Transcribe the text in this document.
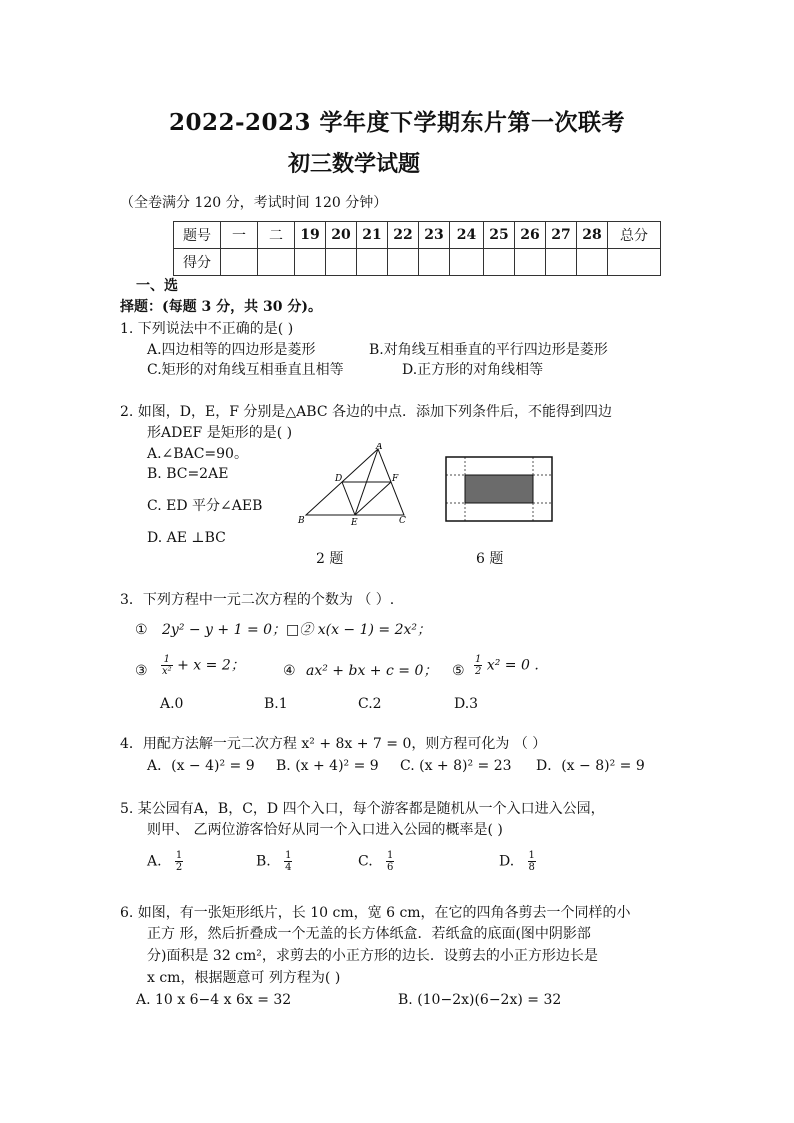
2022-2023 学年度下学期东片第一次联考
初三数学试题
（全卷满分 120 分，考试时间 120 分钟）
题号	一	二	19	20	21	22	23	24	25	26	27	28	总分
得分													
一、选
择题：(每题 3 分，共 30 分)。
1. 下列说法中不正确的是( )
A.四边相等的四边形是菱形	B.对角线互相垂直的平行四边形是菱形
C.矩形的对角线互相垂直且相等	D.正方形的对角线相等
2. 如图，D，E，F 分别是△ABC 各边的中点．添加下列条件后，不能得到四边
形ADEF 是矩形的是( )
A.∠BAC=90。
B. BC=2AE
C. ED 平分∠AEB
D. AE ⊥BC
A
B	C
D
E
F
2 题	6 题
3．下列方程中一元二次方程的个数为 （ ）.
① 2y² − y + 1 = 0；□② x(x − 1) = 2x²；
③ $\frac{1}{\text{x²}} + x = 2$；	④ ax² + bx + c = 0； ⑤ $\frac{1}{2} x^2 = 0$ .
A.0	B.1	C.2	D.3
4．用配方法解一元二次方程 x² + 8x + 7 = 0，则方程可化为 （ ）
A．(x − 4)² = 9 B. (x + 4)² = 9 C. (x + 8)² = 23 D．(x − 8)² = 9
5. 某公园有A，B，C，D 四个入口，每个游客都是随机从一个入口进入公园，
则甲、 乙两位游客恰好从同一个入口进入公园的概率是( )
A. $\frac{1}{2}$	B. $\frac{1}{4}$	C. $\frac{1}{6}$	D. $\frac{1}{8}$
6. 如图，有一张矩形纸片，长 10 cm，宽 6 cm，在它的四角各剪去一个同样的小
正方 形，然后折叠成一个无盖的长方体纸盒．若纸盒的底面(图中阴影部
分)面积是 32 cm²，求剪去的小正方形的边长．设剪去的小正方形边长是
x cm，根据题意可 列方程为( )
A. 10 x 6−4 x 6x = 32	B. (10−2x)(6−2x) = 32
